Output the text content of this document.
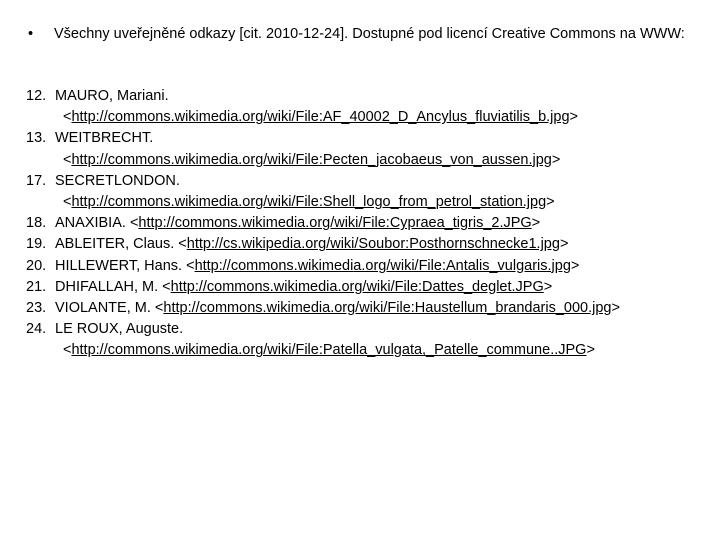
• Všechny uveřejněné odkazy [cit. 2010-12-24]. Dostupné pod licencí Creative Commons na WWW:
12. MAURO, Mariani.
<http://commons.wikimedia.org/wiki/File:AF_40002_D_Ancylus_fluviatilis_b.jpg>
13. WEITBRECHT.
<http://commons.wikimedia.org/wiki/File:Pecten_jacobaeus_von_aussen.jpg>
17. SECRETLONDON.
<http://commons.wikimedia.org/wiki/File:Shell_logo_from_petrol_station.jpg>
18. ANAXIBIA. <http://commons.wikimedia.org/wiki/File:Cypraea_tigris_2.JPG>
19. ABLEITER, Claus. <http://cs.wikipedia.org/wiki/Soubor:Posthornschnecke1.jpg>
20. HILLEWERT, Hans. <http://commons.wikimedia.org/wiki/File:Antalis_vulgaris.jpg>
21. DHIFALLAH, M. <http://commons.wikimedia.org/wiki/File:Dattes_deglet.JPG>
23. VIOLANTE, M. <http://commons.wikimedia.org/wiki/File:Haustellum_brandaris_000.jpg>
24. LE ROUX, Auguste.
<http://commons.wikimedia.org/wiki/File:Patella_vulgata,_Patelle_commune..JPG>
